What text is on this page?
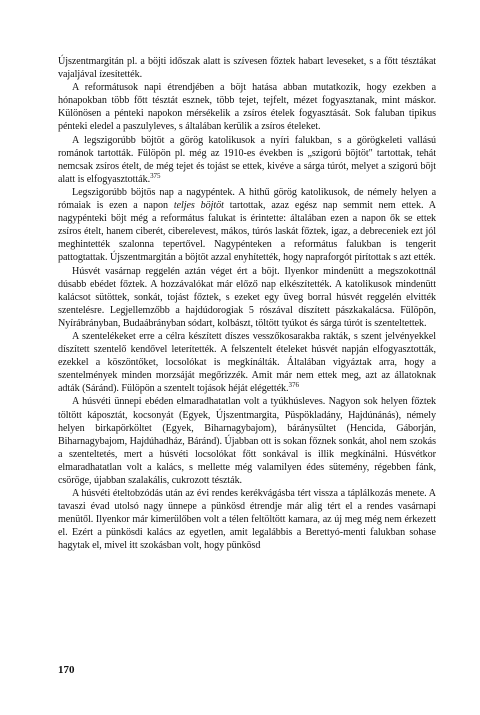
Újszentmargitán pl. a böjti időszak alatt is szívesen főztek habart leveseket, s a főtt tésztákat vajaljával ízesítették.

A reformátusok napi étrendjében a böjt hatása abban mutatkozik, hogy ezekben a hónapokban több főtt tésztát esznek, több tejet, tejfelt, mézet fogyasztanak, mint máskor. Különösen a pénteki napokon mérsékelik a zsíros ételek fogyasztását. Sok faluban tipikus pénteki eledel a paszulyleves, s általában kerülik a zsíros ételeket.

A legszigorúbb böjtöt a görög katolikusok a nyíri falukban, s a görögkeleti vallású románok tartották. Fülöpön pl. még az 1910-es években is „szigorú böjtöt" tartottak, tehát nemcsak zsíros ételt, de még tejet és tojást se ettek, kivéve a sárga túrót, melyet a szigorú böjt alatt is elfogyasztották.$^{375}$

Legszigorúbb böjtös nap a nagypéntek. A hithű görög katolikusok, de némely helyen a rómaiak is ezen a napon teljes böjtöt tartottak, azaz egész nap semmit nem ettek. A nagypénteki böjt még a református falukat is érintette: általában ezen a napon ők se ettek zsíros ételt, hanem ciberét, ciberelevest, mákos, túrós laskát főztek, igaz, a debreceniek ezt jól meghintették szalonna tepertővel. Nagypénteken a református falukban is tengerit pattogtattak. Újszentmargitán a böjtöt azzal enyhítették, hogy napraforgót pirítottak s azt ették.

Húsvét vasárnap reggelén aztán véget ért a böjt. Ilyenkor mindenütt a megszokottnál dúsabb ebédet főztek. A hozzávalókat már előző nap elkészítették. A katolikusok mindenütt kalácsot sütöttek, sonkát, tojást főztek, s ezeket egy üveg borral húsvét reggelén elvitték szentelésre. Legjellemzőbb a hajdúdorogiak 5 rószával díszített pászkakalácsa. Fülöpön, Nyírábrányban, Budaábrányban sódart, kolbászt, töltött tyúkot és sárga túrót is szenteltettek.

A szentelékeket erre a célra készített díszes vesszőkosarakba rakták, s szent jelvényekkel díszített szentelő kendővel leterítették. A felszentelt ételeket húsvét napján elfogyasztották, ezekkel a köszöntőket, locsolókat is megkínálták. Általában vigyáztak arra, hogy a szentelmények minden morzsáját megőrizzék. Amit már nem ettek meg, azt az állatoknak adták (Sáránd). Fülöpön a szentelt tojások héját elégették.$^{376}$

A húsvéti ünnepi ebéden elmaradhatatlan volt a tyúkhúsleves. Nagyon sok helyen főztek töltött káposztát, kocsonyát (Egyek, Újszentmargita, Püspökladány, Hajdúnánás), némely helyen birkapörköltet (Egyek, Biharnagybajom), báránysültet (Hencida, Gáborján, Biharnagybajom, Hajdúhadház, Báránd). Újabban ott is sokan főznek sonkát, ahol nem szokás a szenteltetés, mert a húsvéti locsolókat főtt sonkával is illik megkínálni. Húsvétkor elmaradhatatlan volt a kalács, s mellette még valamilyen édes sütemény, régebben fánk, csöröge, újabban szalakális, cukrozott tészták.

A húsvéti ételtobzódás után az évi rendes kerékvágásba tért vissza a táplálkozás menete. A tavaszi évad utolsó nagy ünnepe a pünkösd étrendje már alig tért el a rendes vasárnapi menütől. Ilyenkor már kimerülőben volt a télen feltöltött kamara, az új meg még nem érkezett el. Ezért a pünkösdi kalács az egyetlen, amit legalábbis a Berettyó-menti falukban sohase hagytak el, mivel itt szokásban volt, hogy pünkösd

170
